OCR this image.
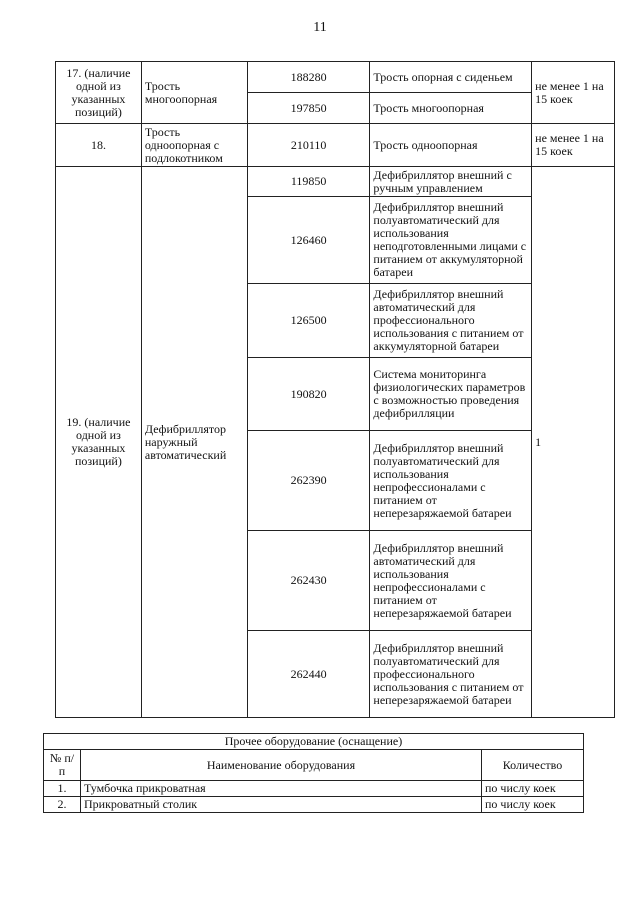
11
17. (наличие одной из указанных позиций)	Трость многоопорная	188280	Трость опорная с сиденьем	не менее 1 на 15 коек
		197850	Трость многоопорная	
18.	Трость одноопорная с подлокотником	210110	Трость одноопорная	не менее 1 на 15 коек
19. (наличие одной из указанных позиций)	Дефибриллятор наружный автоматический	119850	Дефибриллятор внешний с ручным управлением	1
		126460	Дефибриллятор внешний полуавтоматический для использования неподготовленными лицами с питанием от аккумуляторной батареи	
		126500	Дефибриллятор внешний автоматический для профессионального использования с питанием от аккумуляторной батареи	
		190820	Система мониторинга физиологических параметров с возможностью проведения дефибрилляции	
		262390	Дефибриллятор внешний полуавтоматический для использования непрофессионалами с питанием от неперезаряжаемой батареи	
		262430	Дефибриллятор внешний автоматический для использования непрофессионалами с питанием от неперезаряжаемой батареи	
		262440	Дефибриллятор внешний полуавтоматический для профессионального использования с питанием от неперезаряжаемой батареи	
Прочее оборудование (оснащение)		
№ п/п	Наименование оборудования	Количество
1.	Тумбочка прикроватная	по числу коек
2.	Прикроватный столик	по числу коек
